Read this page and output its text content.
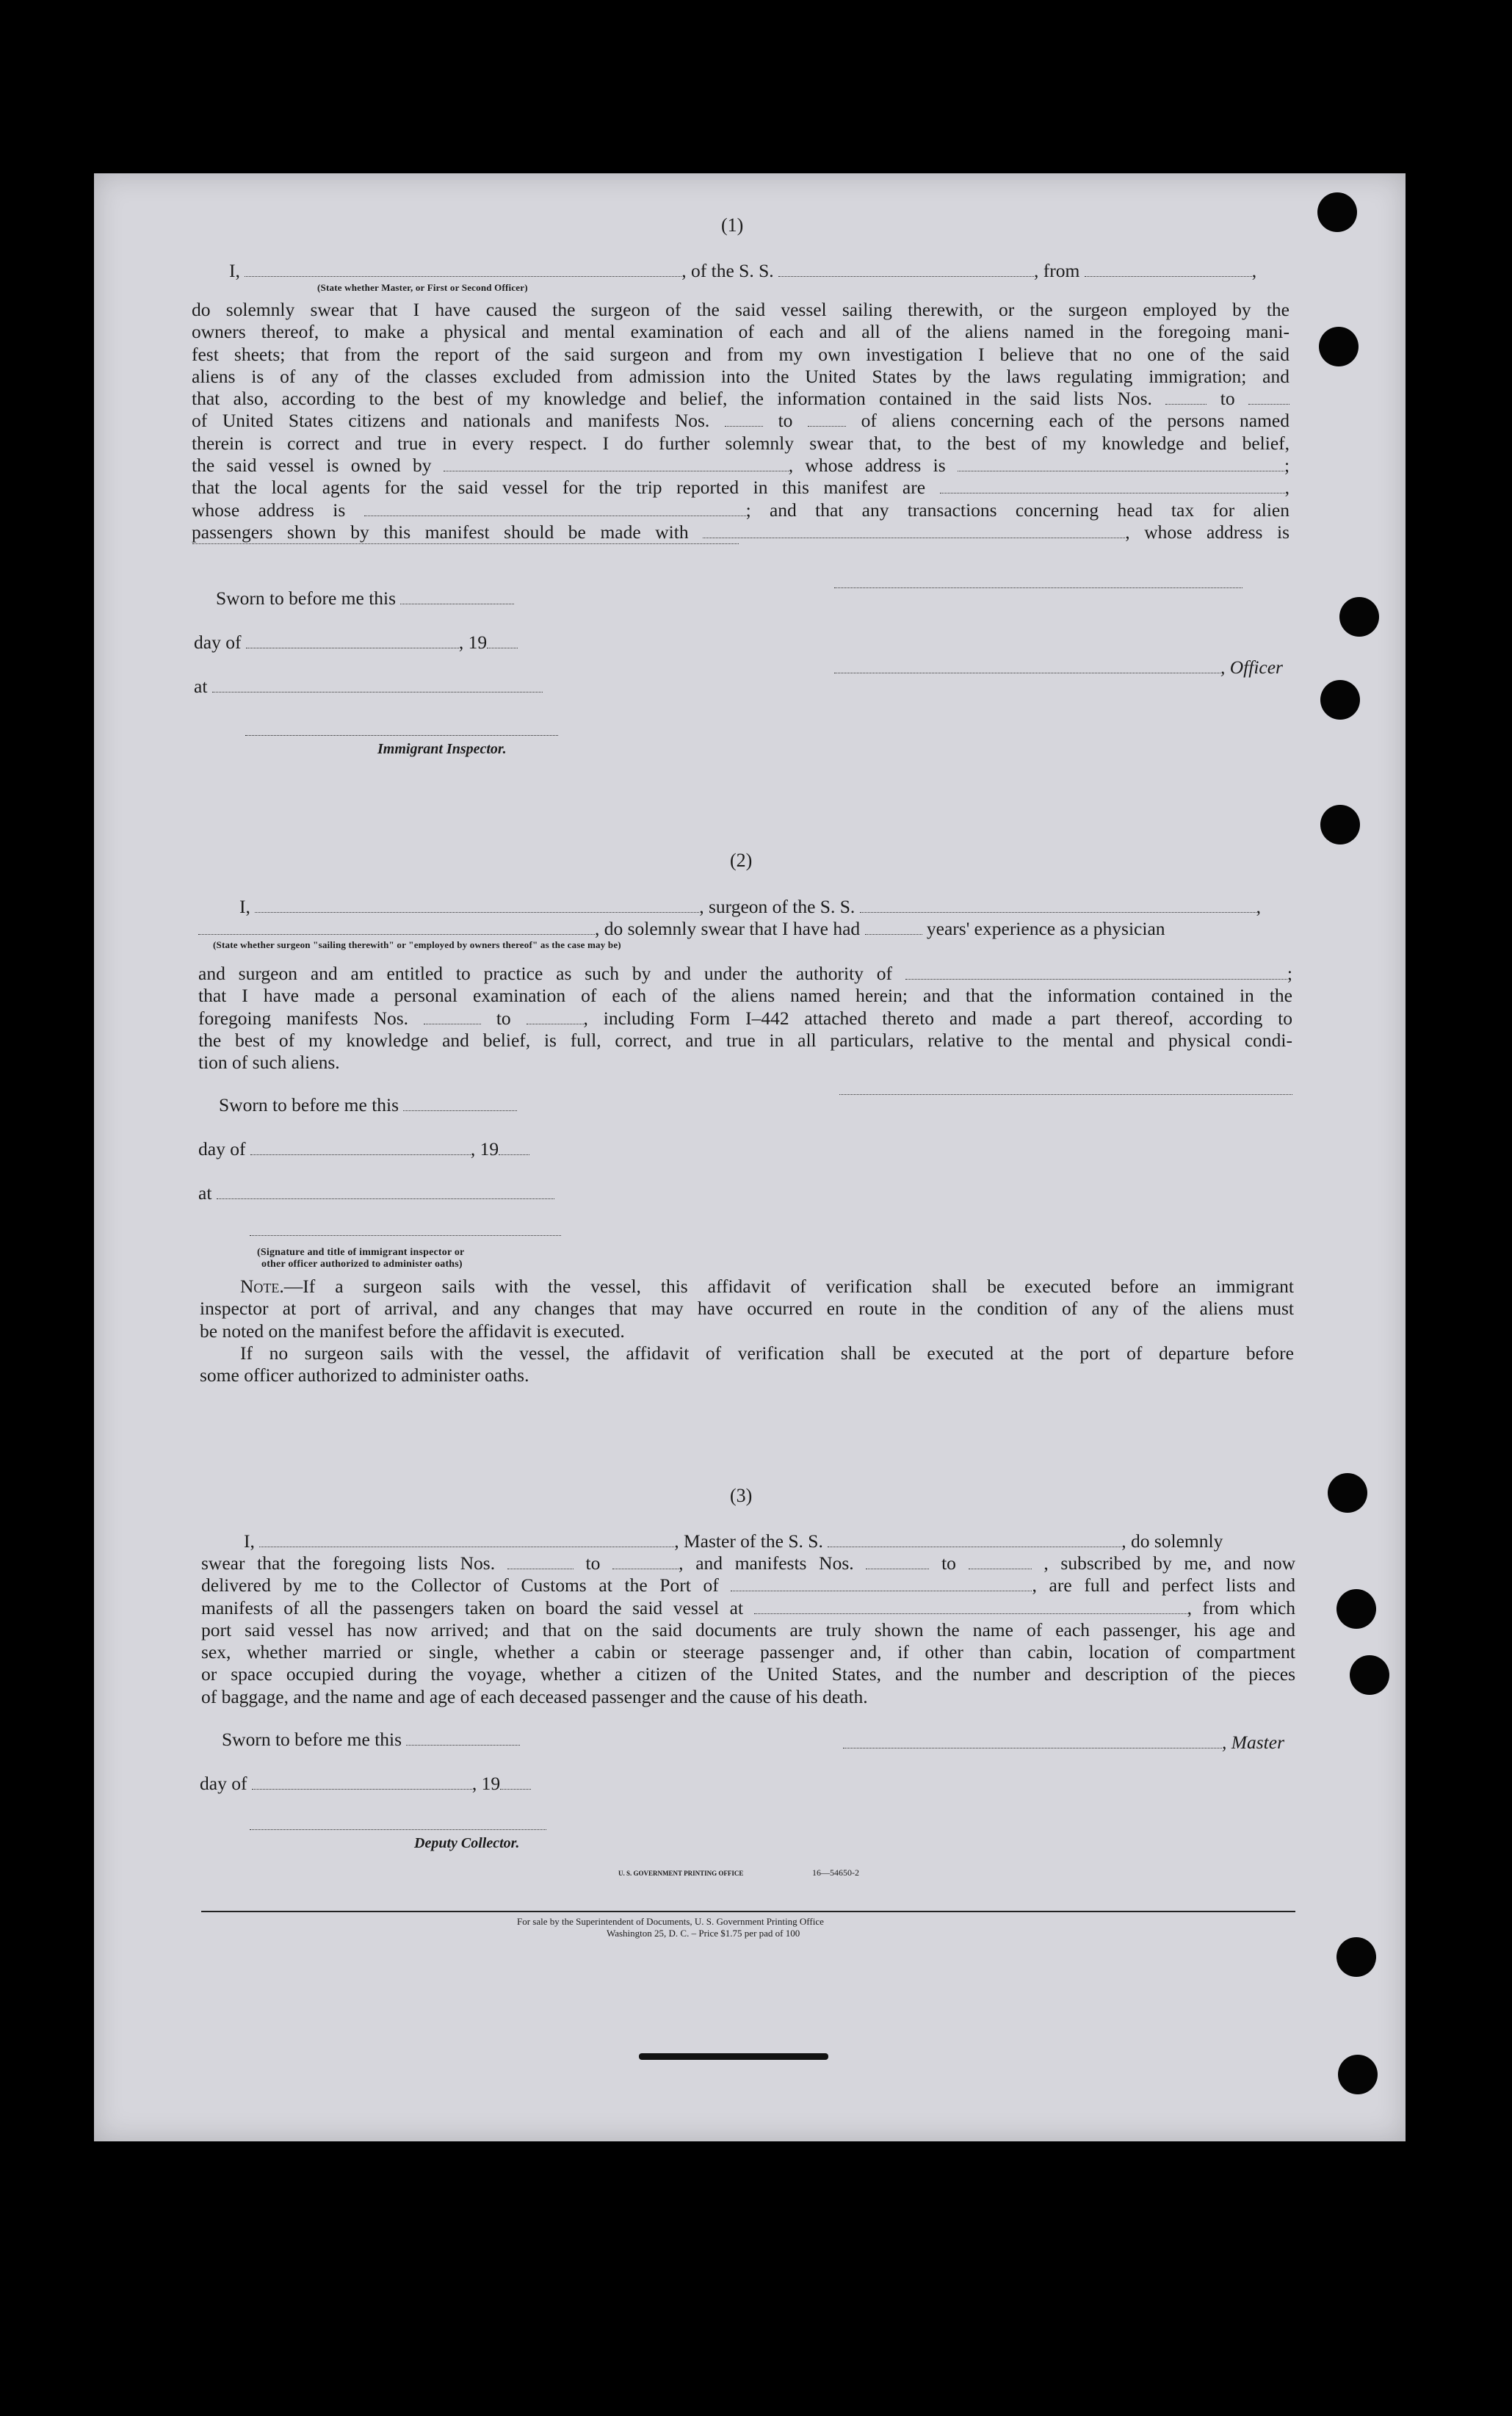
(1)
I,	, of the S. S.	, from	,
(State whether Master, or First or Second Officer)

do solemnly swear that I have caused the surgeon of the said vessel sailing therewith, or the surgeon employed by the

owners thereof, to make a physical and mental examination of each and all of the aliens named in the foregoing mani-

fest sheets; that from the report of the said surgeon and from my own investigation I believe that no one of the said

aliens is of any of the classes excluded from admission into the United States by the laws regulating immigration; and

that also, according to the best of my knowledge and belief, the information contained in the said lists Nos.	to

of United States citizens and nationals and manifests Nos.	to	of aliens concerning each of the persons named

therein is correct and true in every respect. I do further solemnly swear that, to the best of my knowledge and belief,

the said vessel is owned by	, whose address is	;

that the local agents for the said vessel for the trip reported in this manifest are	,

whose address is	; and that any transactions concerning head tax for alien

passengers shown by this manifest should be made with	, whose address is

Sworn to before me this
day of	, 19
, Officer
at
Immigrant Inspector.
(2)
I,	, surgeon of the S. S.	,
, do solemnly swear that I have had	years' experience as a physician
(State whether surgeon "sailing therewith" or "employed by owners thereof" as the case may be)

and surgeon and am entitled to practice as such by and under the authority of	;

that I have made a personal examination of each of the aliens named herein; and that the information contained in the

foregoing manifests Nos.	to	, including Form I–442 attached thereto and made a part thereof, according to

the best of my knowledge and belief, is full, correct, and true in all particulars, relative to the mental and physical condi-

tion of such aliens.

Sworn to before me this
day of	, 19
at
(Signature and title of immigrant inspector or
other officer authorized to administer oaths)

Note.—If a surgeon sails with the vessel, this affidavit of verification shall be executed before an immigrant

inspector at port of arrival, and any changes that may have occurred en route in the condition of any of the aliens must

be noted on the manifest before the affidavit is executed.

If no surgeon sails with the vessel, the affidavit of verification shall be executed at the port of departure before

some officer authorized to administer oaths.

(3)
I,	, Master of the S. S.	, do solemnly

swear that the foregoing lists Nos.	to	, and manifests Nos.	to	, subscribed by me, and now

delivered by me to the Collector of Customs at the Port of	, are full and perfect lists and

manifests of all the passengers taken on board the said vessel at	, from which

port said vessel has now arrived; and that on the said documents are truly shown the name of each passenger, his age and

sex, whether married or single, whether a cabin or steerage passenger and, if other than cabin, location of compartment

or space occupied during the voyage, whether a citizen of the United States, and the number and description of the pieces

of baggage, and the name and age of each deceased passenger and the cause of his death.

Sworn to before me this	, Master
day of	, 19
Deputy Collector.
U. S. GOVERNMENT PRINTING OFFICE	16—54650-2
For sale by the Superintendent of Documents, U. S. Government Printing Office
Washington 25, D. C. – Price $1.75 per pad of 100
